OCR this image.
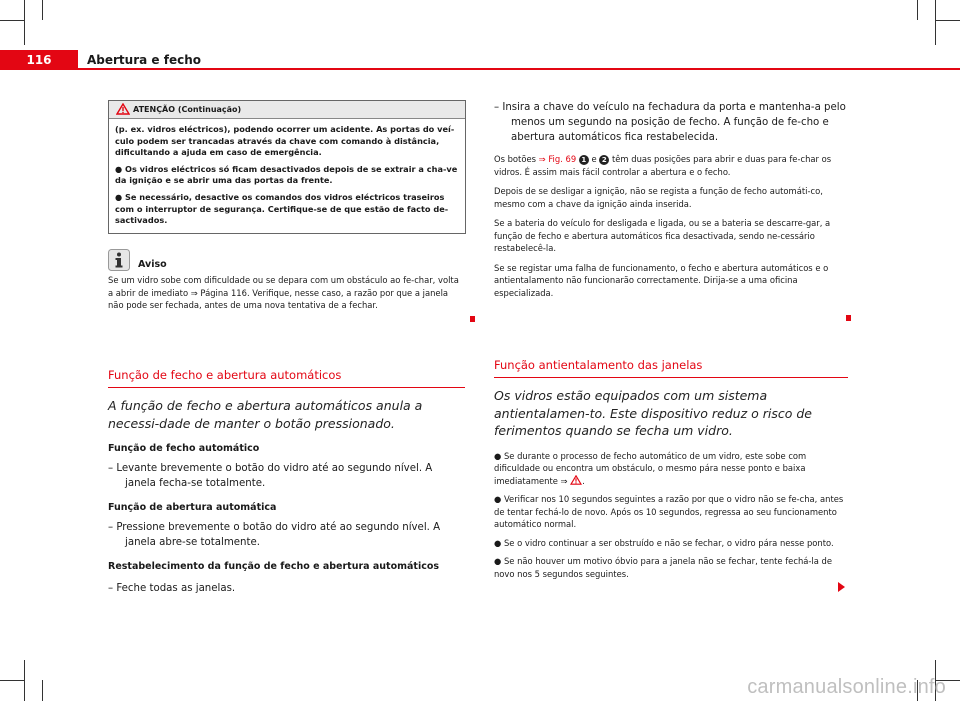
116	Abertura e fecho
ATENÇÃO (Continuação)

(p. ex. vidros eléctricos), podendo ocorrer um acidente. As portas do veí-culo podem ser trancadas através da chave com comando à distância, dificultando a ajuda em caso de emergência.

● Os vidros eléctricos só ficam desactivados depois de se extrair a cha-ve da ignição e se abrir uma das portas da frente.

● Se necessário, desactive os comandos dos vidros eléctricos traseiros com o interruptor de segurança. Certifique-se de que estão de facto de-sactivados.

Aviso

Se um vidro sobe com dificuldade ou se depara com um obstáculo ao fe-char, volta a abrir de imediato ⇒ Página 116. Verifique, nesse caso, a razão por que a janela não pode ser fechada, antes de uma nova tentativa de a fechar.

Função de fecho e abertura automáticos

A função de fecho e abertura automáticos anula a necessi-dade de manter o botão pressionado.

Função de fecho automático

– Levante brevemente o botão do vidro até ao segundo nível. A janela fecha-se totalmente.

Função de abertura automática

– Pressione brevemente o botão do vidro até ao segundo nível. A janela abre-se totalmente.

Restabelecimento da função de fecho e abertura automáticos

– Feche todas as janelas.

– Insira a chave do veículo na fechadura da porta e mantenha-a pelo menos um segundo na posição de fecho. A função de fe-cho e abertura automáticos fica restabelecida.

Os botões ⇒ Fig. 69 1 e 2 têm duas posições para abrir e duas para fe-char os vidros. É assim mais fácil controlar a abertura e o fecho.

Depois de se desligar a ignição, não se regista a função de fecho automáti-co, mesmo com a chave da ignição ainda inserida.

Se a bateria do veículo for desligada e ligada, ou se a bateria se descarre-gar, a função de fecho e abertura automáticos fica desactivada, sendo ne-cessário restabelecê-la.

Se se registar uma falha de funcionamento, o fecho e abertura automáticos e o antientalamento não funcionarão correctamente. Dirija-se a uma oficina especializada.

Função antientalamento das janelas

Os vidros estão equipados com um sistema antientalamen-to. Este dispositivo reduz o risco de ferimentos quando se fecha um vidro.

● Se durante o processo de fecho automático de um vidro, este sobe com dificuldade ou encontra um obstáculo, o mesmo pára nesse ponto e baixa imediatamente ⇒ .

● Verificar nos 10 segundos seguintes a razão por que o vidro não se fe-cha, antes de tentar fechá-lo de novo. Após os 10 segundos, regressa ao seu funcionamento automático normal.

● Se o vidro continuar a ser obstruído e não se fechar, o vidro pára nesse ponto.

● Se não houver um motivo óbvio para a janela não se fechar, tente fechá-la de novo nos 5 segundos seguintes.

carmanualsonline.info
